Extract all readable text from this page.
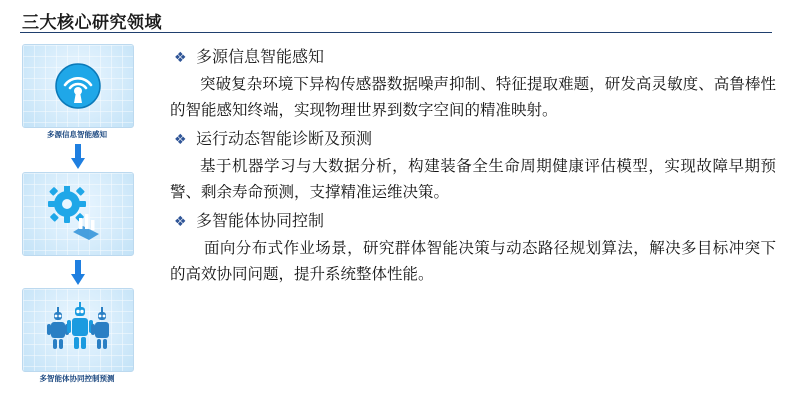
三大核心研究领域
多源信息智能感知
多智能体协同控制预测
❖ 多源信息智能感知

突破复杂环境下异构传感器数据噪声抑制、特征提取难题，研发高灵敏度、高鲁棒性的智能感知终端，实现物理世界到数字空间的精准映射。

❖ 运行动态智能诊断及预测

基于机器学习与大数据分析，构建装备全生命周期健康评估模型，实现故障早期预警、剩余寿命预测，支撑精准运维决策。

❖ 多智能体协同控制

面向分布式作业场景，研究群体智能决策与动态路径规划算法，解决多目标冲突下的高效协同问题，提升系统整体性能。
